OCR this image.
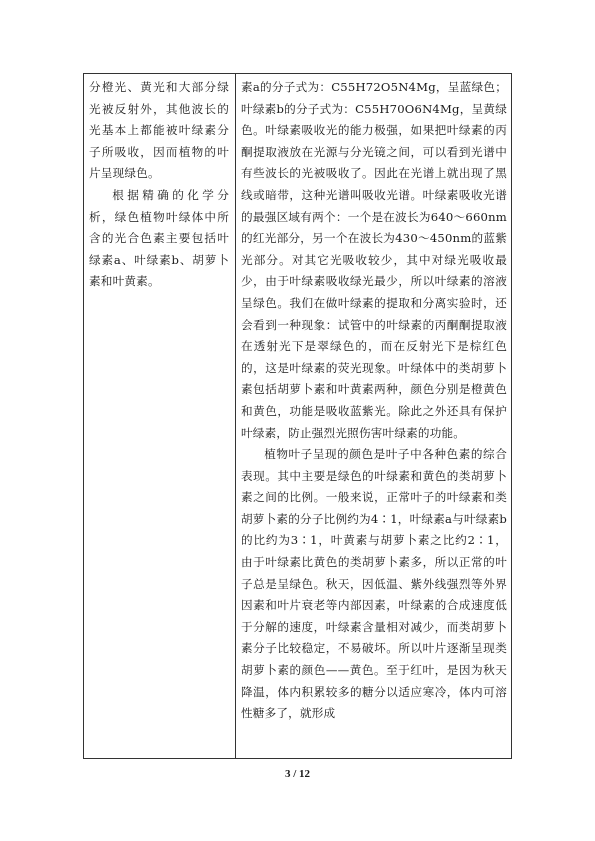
分橙光、黄光和大部分绿光被反射外，其他波长的光基本上都能被叶绿素分子所吸收，因而植物的叶片呈现绿色。

根据精确的化学分析，绿色植物叶绿体中所含的光合色素主要包括叶绿素a、叶绿素b、胡萝卜素和叶黄素。

素a的分子式为：C55H72O5N4Mg，呈蓝绿色；叶绿素b的分子式为：C55H70O6N4Mg，呈黄绿色。叶绿素吸收光的能力极强，如果把叶绿素的丙酮提取液放在光源与分光镜之间，可以看到光谱中有些波长的光被吸收了。因此在光谱上就出现了黑线或暗带，这种光谱叫吸收光谱。叶绿素吸收光谱的最强区域有两个：一个是在波长为640～660nm的红光部分，另一个在波长为430～450nm的蓝紫光部分。对其它光吸收较少，其中对绿光吸收最少，由于叶绿素吸收绿光最少，所以叶绿素的溶液呈绿色。我们在做叶绿素的提取和分离实验时，还会看到一种现象：试管中的叶绿素的丙酮酮提取液在透射光下是翠绿色的，而在反射光下是棕红色的，这是叶绿素的荧光现象。叶绿体中的类胡萝卜素包括胡萝卜素和叶黄素两种，颜色分别是橙黄色和黄色，功能是吸收蓝紫光。除此之外还具有保护叶绿素，防止强烈光照伤害叶绿素的功能。

植物叶子呈现的颜色是叶子中各种色素的综合表现。其中主要是绿色的叶绿素和黄色的类胡萝卜素之间的比例。一般来说，正常叶子的叶绿素和类胡萝卜素的分子比例约为4∶1，叶绿素a与叶绿素b的比约为3∶1，叶黄素与胡萝卜素之比约2∶1，由于叶绿素比黄色的类胡萝卜素多，所以正常的叶子总是呈绿色。秋天，因低温、紫外线强烈等外界因素和叶片衰老等内部因素，叶绿素的合成速度低于分解的速度，叶绿素含量相对减少，而类胡萝卜素分子比较稳定，不易破坏。所以叶片逐渐呈现类胡萝卜素的颜色——黄色。至于红叶，是因为秋天降温，体内积累较多的糖分以适应寒冷，体内可溶性糖多了，就形成

3 / 12
